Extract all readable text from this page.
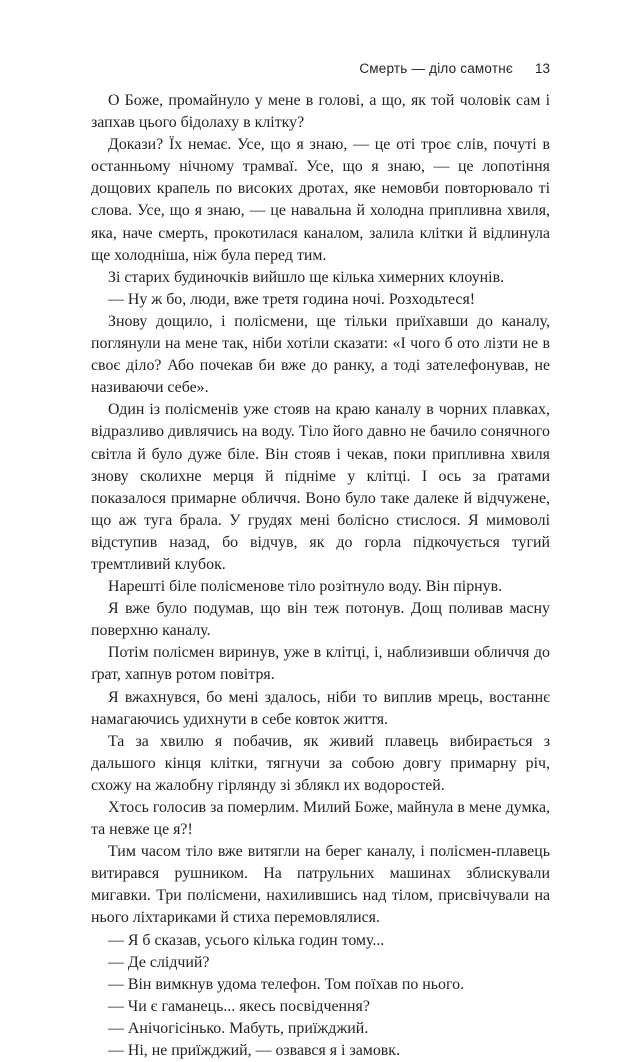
Смерть — діло самотнє 13

О Боже, промайнуло у мене в голові, а що, як той чоловік сам і запхав цього бідолаху в клітку?

Докази? Їх немає. Усе, що я знаю, — це оті троє слів, почуті в останньому нічному трамваї. Усе, що я знаю, — це лопотіння дощових крапель по високих дротах, яке немовби повторювало ті слова. Усе, що я знаю, — це навальна й холодна припливна хвиля, яка, наче смерть, прокотилася каналом, залила клітки й відлинула ще холодніша, ніж була перед тим.

Зі старих будиночків вийшло ще кілька химерних клоунів.

— Ну ж бо, люди, вже третя година ночі. Розходьтеся!

Знову дощило, і полісмени, ще тільки приїхавши до каналу, поглянули на мене так, ніби хотіли сказати: «І чого б ото лізти не в своє діло? Або почекав би вже до ранку, а тоді зателефонував, не називаючи себе».

Один із полісменів уже стояв на краю каналу в чорних плавках, відразливо дивлячись на воду. Тіло його давно не бачило сонячного світла й було дуже біле. Він стояв і чекав, поки припливна хвиля знову сколихне мерця й підніме у клітці. І ось за ґратами показалося примарне обличчя. Воно було таке далеке й відчужене, що аж туга брала. У грудях мені болісно стислося. Я мимоволі відступив назад, бо відчув, як до горла підкочується тугий тремтливий клубок.

Нарешті біле полісменове тіло розітнуло воду. Він пірнув.

Я вже було подумав, що він теж потонув. Дощ поливав масну поверхню каналу.

Потім полісмен виринув, уже в клітці, і, наблизивши обличчя до ґрат, хапнув ротом повітря.

Я вжахнувся, бо мені здалось, ніби то виплив мрець, востаннє намагаючись удихнути в себе ковток життя.

Та за хвилю я побачив, як живий плавець вибирається з дальшого кінця клітки, тягнучи за собою довгу примарну річ, схожу на жалобну гірлянду зі зблякл их водоростей.

Хтось голосив за померлим. Милий Боже, майнула в мене думка, та невже це я?!

Тим часом тіло вже витягли на берег каналу, і полісмен-плавець витирався рушником. На патрульних машинах зблискували мигавки. Три полісмени, нахилившись над тілом, присвічували на нього ліхтариками й стиха перемовлялися.

— Я б сказав, усього кілька годин тому...

— Де слідчий?

— Він вимкнув удома телефон. Том поїхав по нього.

— Чи є гаманець... якесь посвідчення?

— Анічогісінько. Мабуть, приїжджий.

— Ні, не приїжджий, — озвався я і замовк.
